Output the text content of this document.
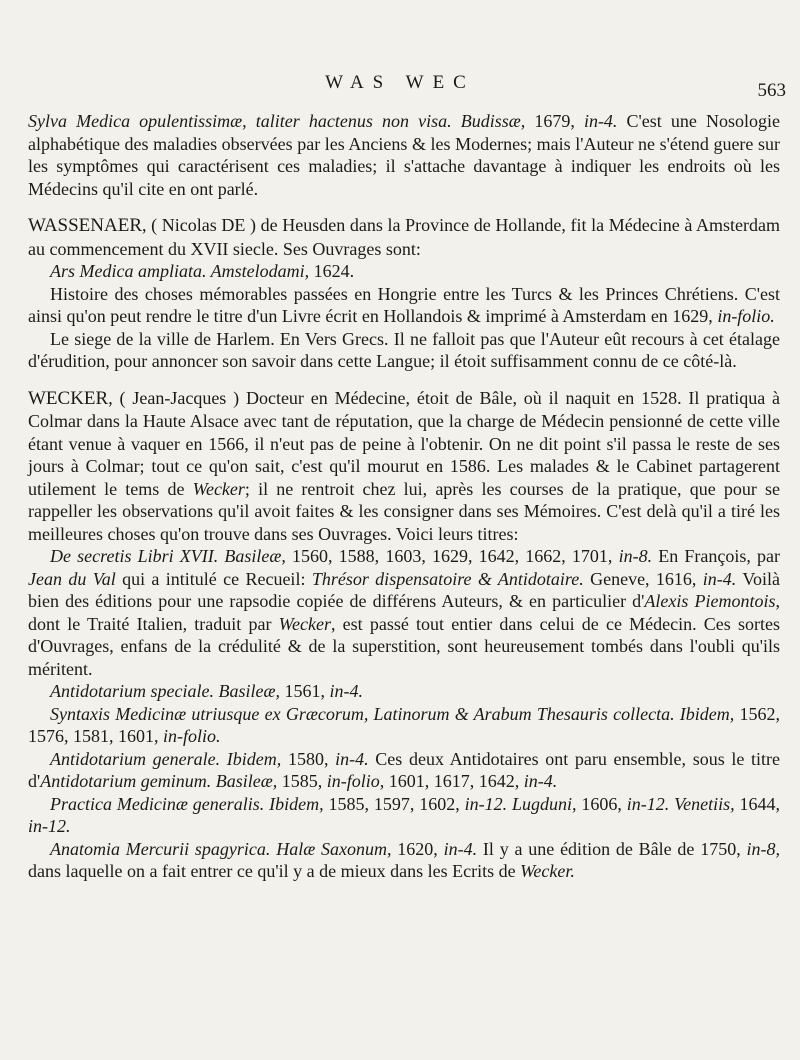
WAS WEC	563

Sylva Medica opulentissimæ, taliter hactenus non visa. Budissæ, 1679, in-4. C'est une Nosologie alphabétique des maladies observées par les Anciens & les Modernes; mais l'Auteur ne s'étend guere sur les symptômes qui caractérisent ces maladies; il s'attache davantage à indiquer les endroits où les Médecins qu'il cite en ont parlé.

WASSENAER, ( Nicolas DE ) de Heusden dans la Province de Hollande, fit la Médecine à Amsterdam au commencement du XVII siecle. Ses Ouvrages sont:

Ars Medica ampliata. Amstelodami, 1624.

Histoire des choses mémorables passées en Hongrie entre les Turcs & les Princes Chrétiens. C'est ainsi qu'on peut rendre le titre d'un Livre écrit en Hollandois & imprimé à Amsterdam en 1629, in-folio.

Le siege de la ville de Harlem. En Vers Grecs. Il ne falloit pas que l'Auteur eût recours à cet étalage d'érudition, pour annoncer son savoir dans cette Langue; il étoit suffisamment connu de ce côté-là.

WECKER, ( Jean-Jacques ) Docteur en Médecine, étoit de Bâle, où il naquit en 1528. Il pratiqua à Colmar dans la Haute Alsace avec tant de réputation, que la charge de Médecin pensionné de cette ville étant venue à vaquer en 1566, il n'eut pas de peine à l'obtenir. On ne dit point s'il passa le reste de ses jours à Colmar; tout ce qu'on sait, c'est qu'il mourut en 1586. Les malades & le Cabinet partagerent utilement le tems de Wecker; il ne rentroit chez lui, après les courses de la pratique, que pour se rappeller les observations qu'il avoit faites & les consigner dans ses Mémoires. C'est delà qu'il a tiré les meilleures choses qu'on trouve dans ses Ouvrages. Voici leurs titres:

De secretis Libri XVII. Basileæ, 1560, 1588, 1603, 1629, 1642, 1662, 1701, in-8. En François, par Jean du Val qui a intitulé ce Recueil: Thrésor dispensatoire & Antidotaire. Geneve, 1616, in-4. Voilà bien des éditions pour une rapsodie copiée de différens Auteurs, & en particulier d'Alexis Piemontois, dont le Traité Italien, traduit par Wecker, est passé tout entier dans celui de ce Médecin. Ces sortes d'Ouvrages, enfans de la crédulité & de la superstition, sont heureusement tombés dans l'oubli qu'ils méritent.

Antidotarium speciale. Basileæ, 1561, in-4.

Syntaxis Medicinæ utriusque ex Græcorum, Latinorum & Arabum Thesauris collecta. Ibidem, 1562, 1576, 1581, 1601, in-folio.

Antidotarium generale. Ibidem, 1580, in-4. Ces deux Antidotaires ont paru ensemble, sous le titre d'Antidotarium geminum. Basileæ, 1585, in-folio, 1601, 1617, 1642, in-4.

Practica Medicinæ generalis. Ibidem, 1585, 1597, 1602, in-12. Lugduni, 1606, in-12. Venetiis, 1644, in-12.

Anatomia Mercurii spagyrica. Halæ Saxonum, 1620, in-4. Il y a une édition de Bâle de 1750, in-8, dans laquelle on a fait entrer ce qu'il y a de mieux dans les Ecrits de Wecker.
